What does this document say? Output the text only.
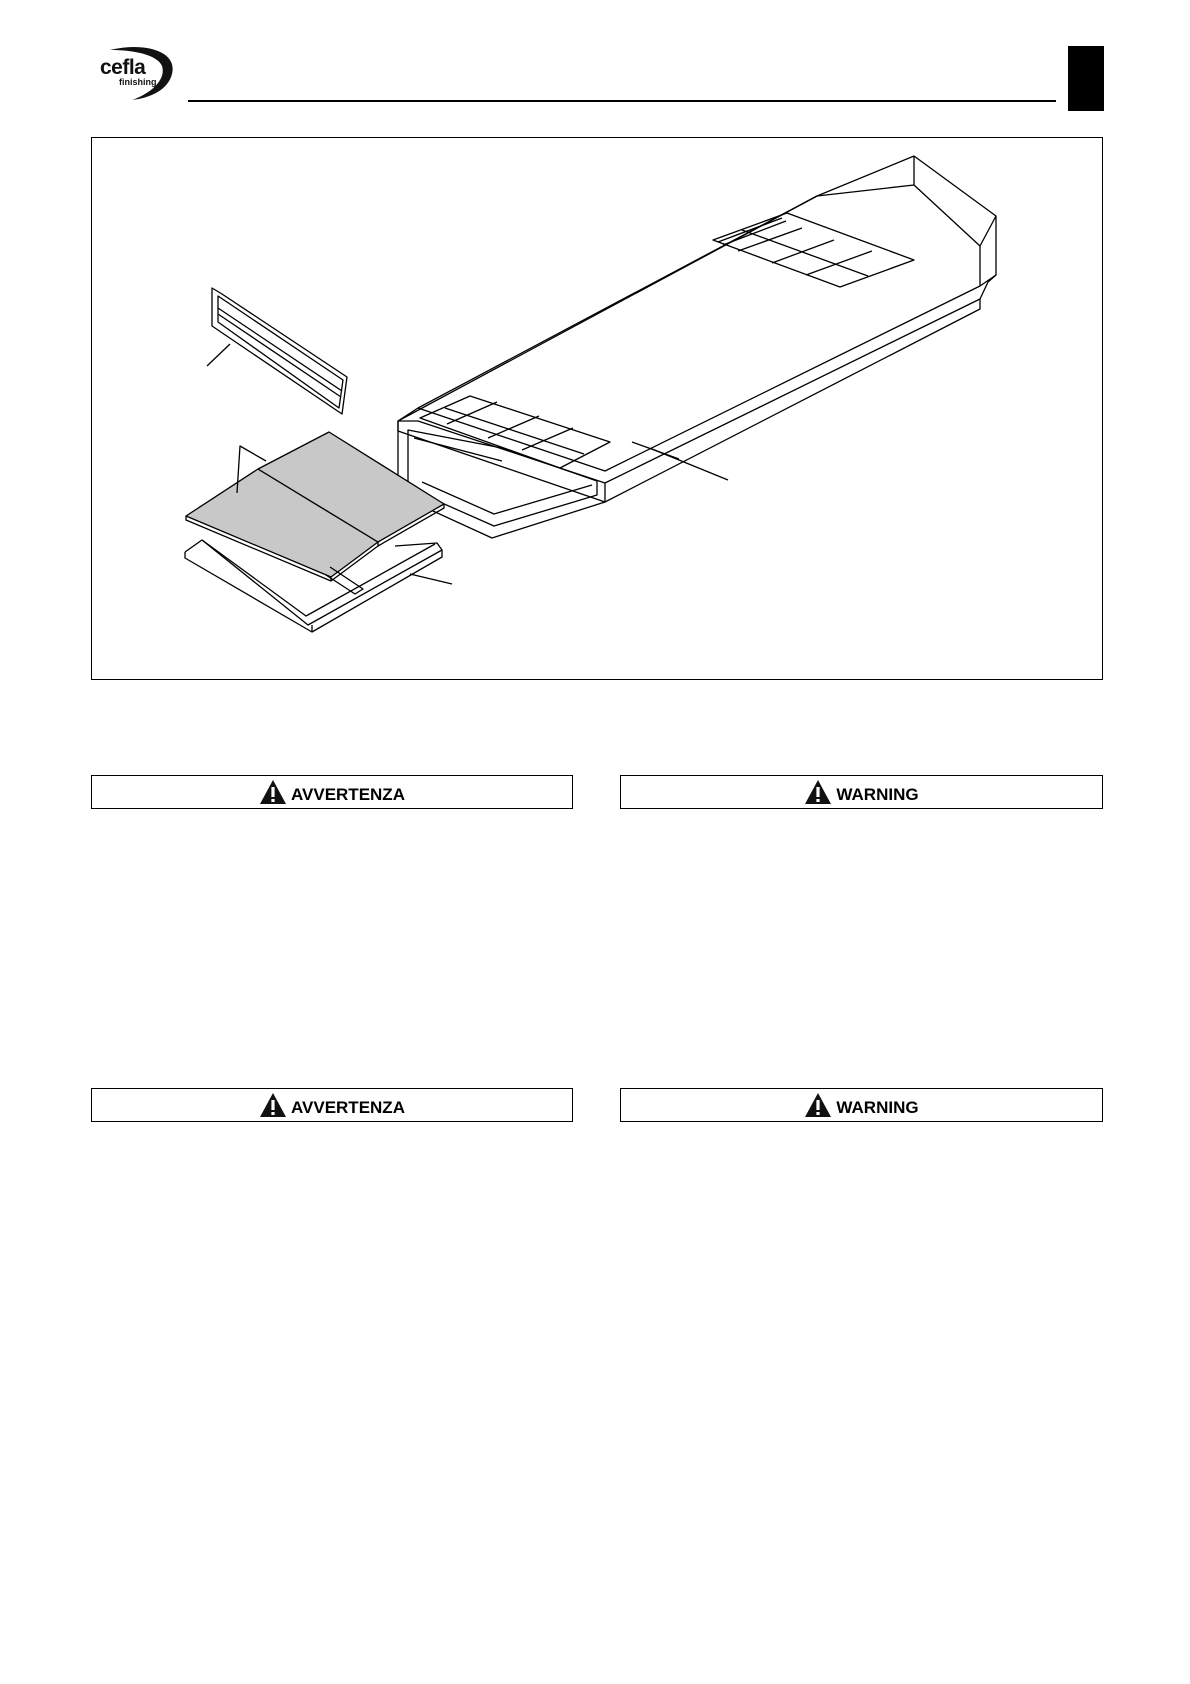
cefla
finishing
AVVERTENZA	WARNING
AVVERTENZA	WARNING
